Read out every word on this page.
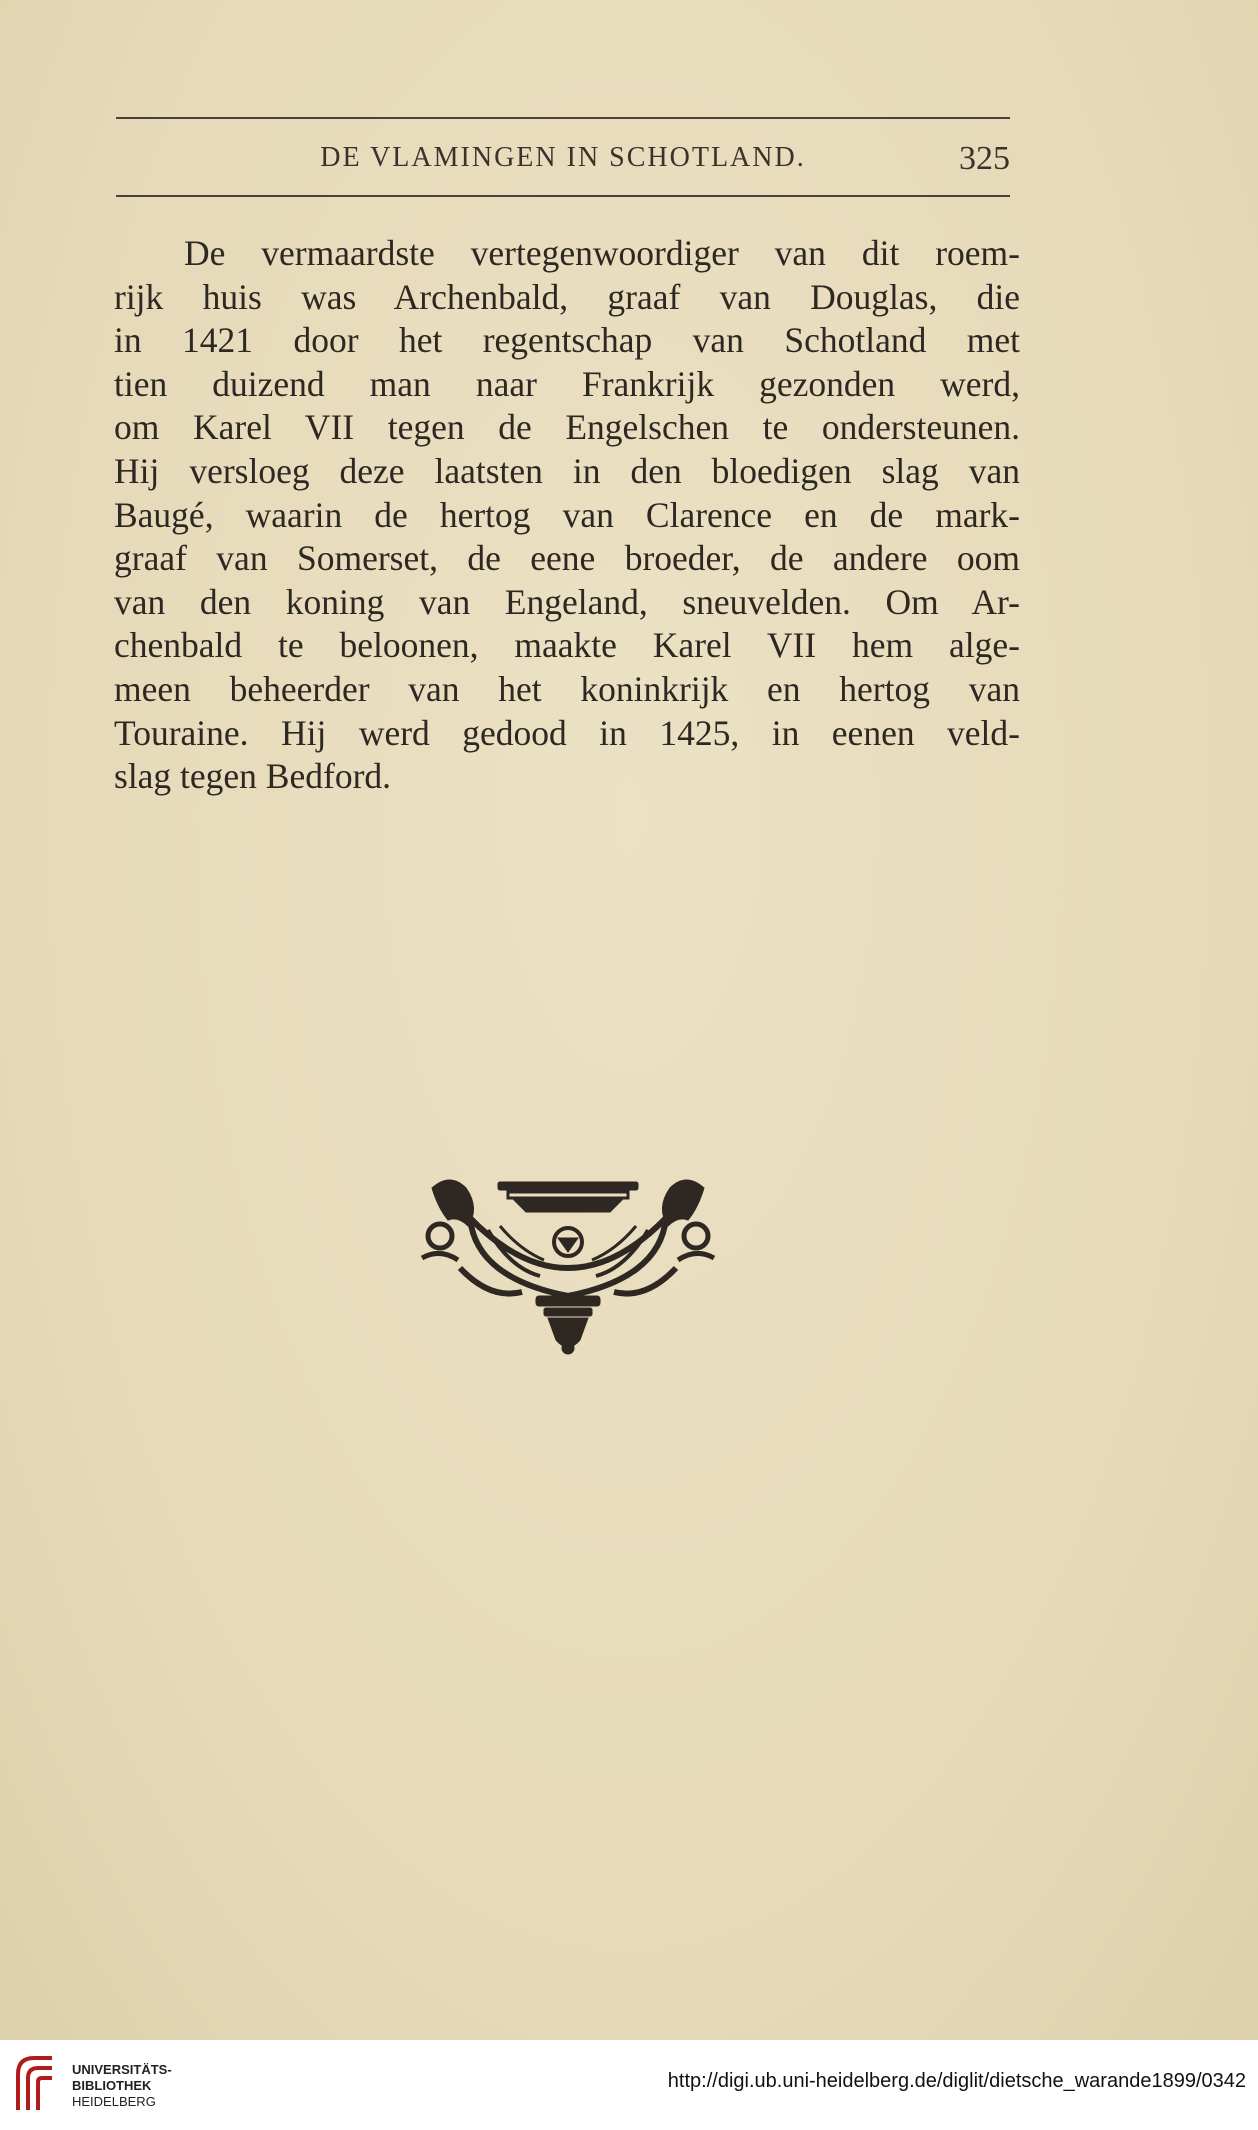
DE VLAMINGEN IN SCHOTLAND.	325
De vermaardste vertegenwoordiger van dit roem-
rijk huis was Archenbald, graaf van Douglas, die
in 1421 door het regentschap van Schotland met
tien duizend man naar Frankrijk gezonden werd,
om Karel VII tegen de Engelschen te ondersteunen.
Hij versloeg deze laatsten in den bloedigen slag van
Baugé, waarin de hertog van Clarence en de mark-
graaf van Somerset, de eene broeder, de andere oom
van den koning van Engeland, sneuvelden. Om Ar-
chenbald te beloonen, maakte Karel VII hem alge-
meen beheerder van het koninkrijk en hertog van
Touraine. Hij werd gedood in 1425, in eenen veld-
slag tegen Bedford.
UNIVERSITÄTS-
BIBLIOTHEK
HEIDELBERG
http://digi.ub.uni-heidelberg.de/diglit/dietsche_warande1899/0342
